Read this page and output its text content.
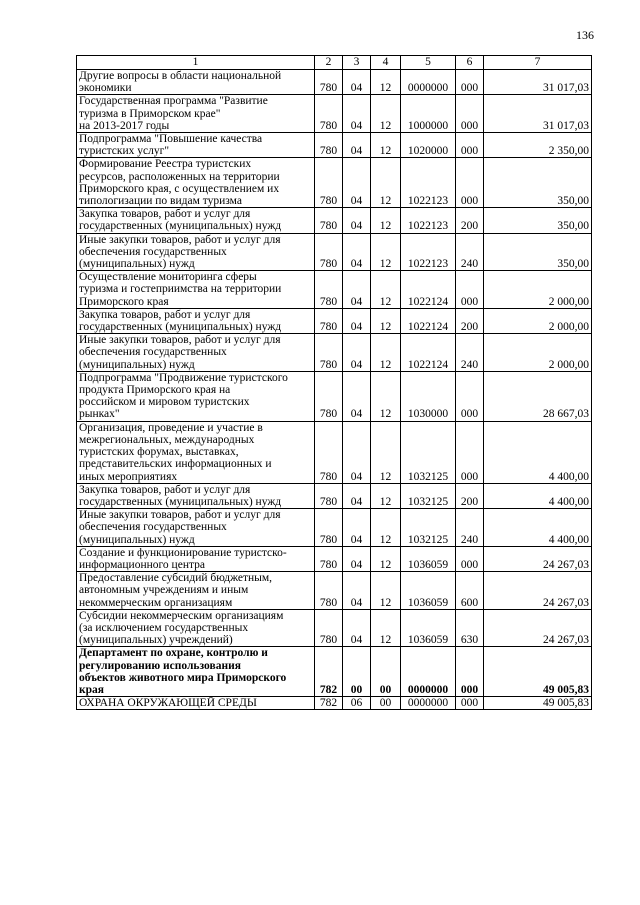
136
1	2	3	4	5	6	7
Другие вопросы в области национальной
экономики	780	04	12	0000000	000	31 017,03
Государственная программа "Развитие
туризма в Приморском крае"
на 2013-2017 годы	780	04	12	1000000	000	31 017,03
Подпрограмма "Повышение качества
туристских услуг"	780	04	12	1020000	000	2 350,00
Формирование Реестра туристских
ресурсов, расположенных на территории
Приморского края, с осуществлением их
типологизации по видам туризма	780	04	12	1022123	000	350,00
Закупка товаров, работ и услуг для
государственных (муниципальных) нужд	780	04	12	1022123	200	350,00
Иные закупки товаров, работ и услуг для
обеспечения государственных
(муниципальных) нужд	780	04	12	1022123	240	350,00
Осуществление мониторинга сферы
туризма и гостеприимства на территории
Приморского края	780	04	12	1022124	000	2 000,00
Закупка товаров, работ и услуг для
государственных (муниципальных) нужд	780	04	12	1022124	200	2 000,00
Иные закупки товаров, работ и услуг для
обеспечения государственных
(муниципальных) нужд	780	04	12	1022124	240	2 000,00
Подпрограмма "Продвижение туристского
продукта Приморского края на
российском и мировом туристских
рынках"	780	04	12	1030000	000	28 667,03
Организация, проведение и участие в
межрегиональных, международных
туристских форумах, выставках,
представительских информационных и
иных мероприятиях	780	04	12	1032125	000	4 400,00
Закупка товаров, работ и услуг для
государственных (муниципальных) нужд	780	04	12	1032125	200	4 400,00
Иные закупки товаров, работ и услуг для
обеспечения государственных
(муниципальных) нужд	780	04	12	1032125	240	4 400,00
Создание и функционирование туристско-
информационного центра	780	04	12	1036059	000	24 267,03
Предоставление субсидий бюджетным,
автономным учреждениям и иным
некоммерческим организациям	780	04	12	1036059	600	24 267,03
Субсидии некоммерческим организациям
(за исключением государственных
(муниципальных) учреждений)	780	04	12	1036059	630	24 267,03
Департамент по охране, контролю и
регулированию использования
объектов животного мира Приморского
края	782	00	00	0000000	000	49 005,83
ОХРАНА ОКРУЖАЮЩЕЙ СРЕДЫ	782	06	00	0000000	000	49 005,83
